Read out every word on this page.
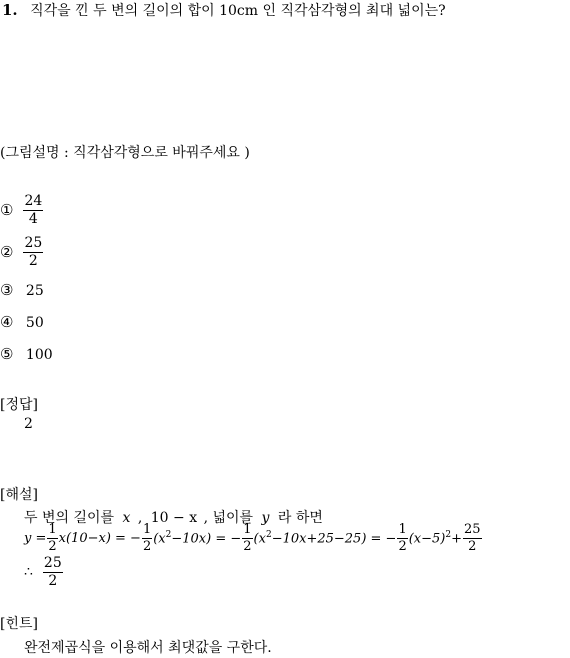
1. 직각을 낀 두 변의 길이의 합이 10cm 인 직각삼각형의 최대 넓이는?
(그림설명 : 직각삼각형으로 바꿔주세요 )
① $\frac{24}{4}$
② $\frac{25}{2}$
③ 25
④ 50
⑤ 100
[정답]
2
[해설]
두 변의 길이를 x , 10 − x , 넓이를 y 라 하면
$y = \frac{1}{2} x(10-x)$ = − $\frac{1}{2} (x^2-10x)$ = − $\frac{1}{2} (x^2-10x+25-25)$ = − $\frac{1}{2} (x-5)^2+ \frac{25}{2}$
∴ $\frac{25}{2}$
[힌트]
완전제곱식을 이용해서 최댓값을 구한다.
